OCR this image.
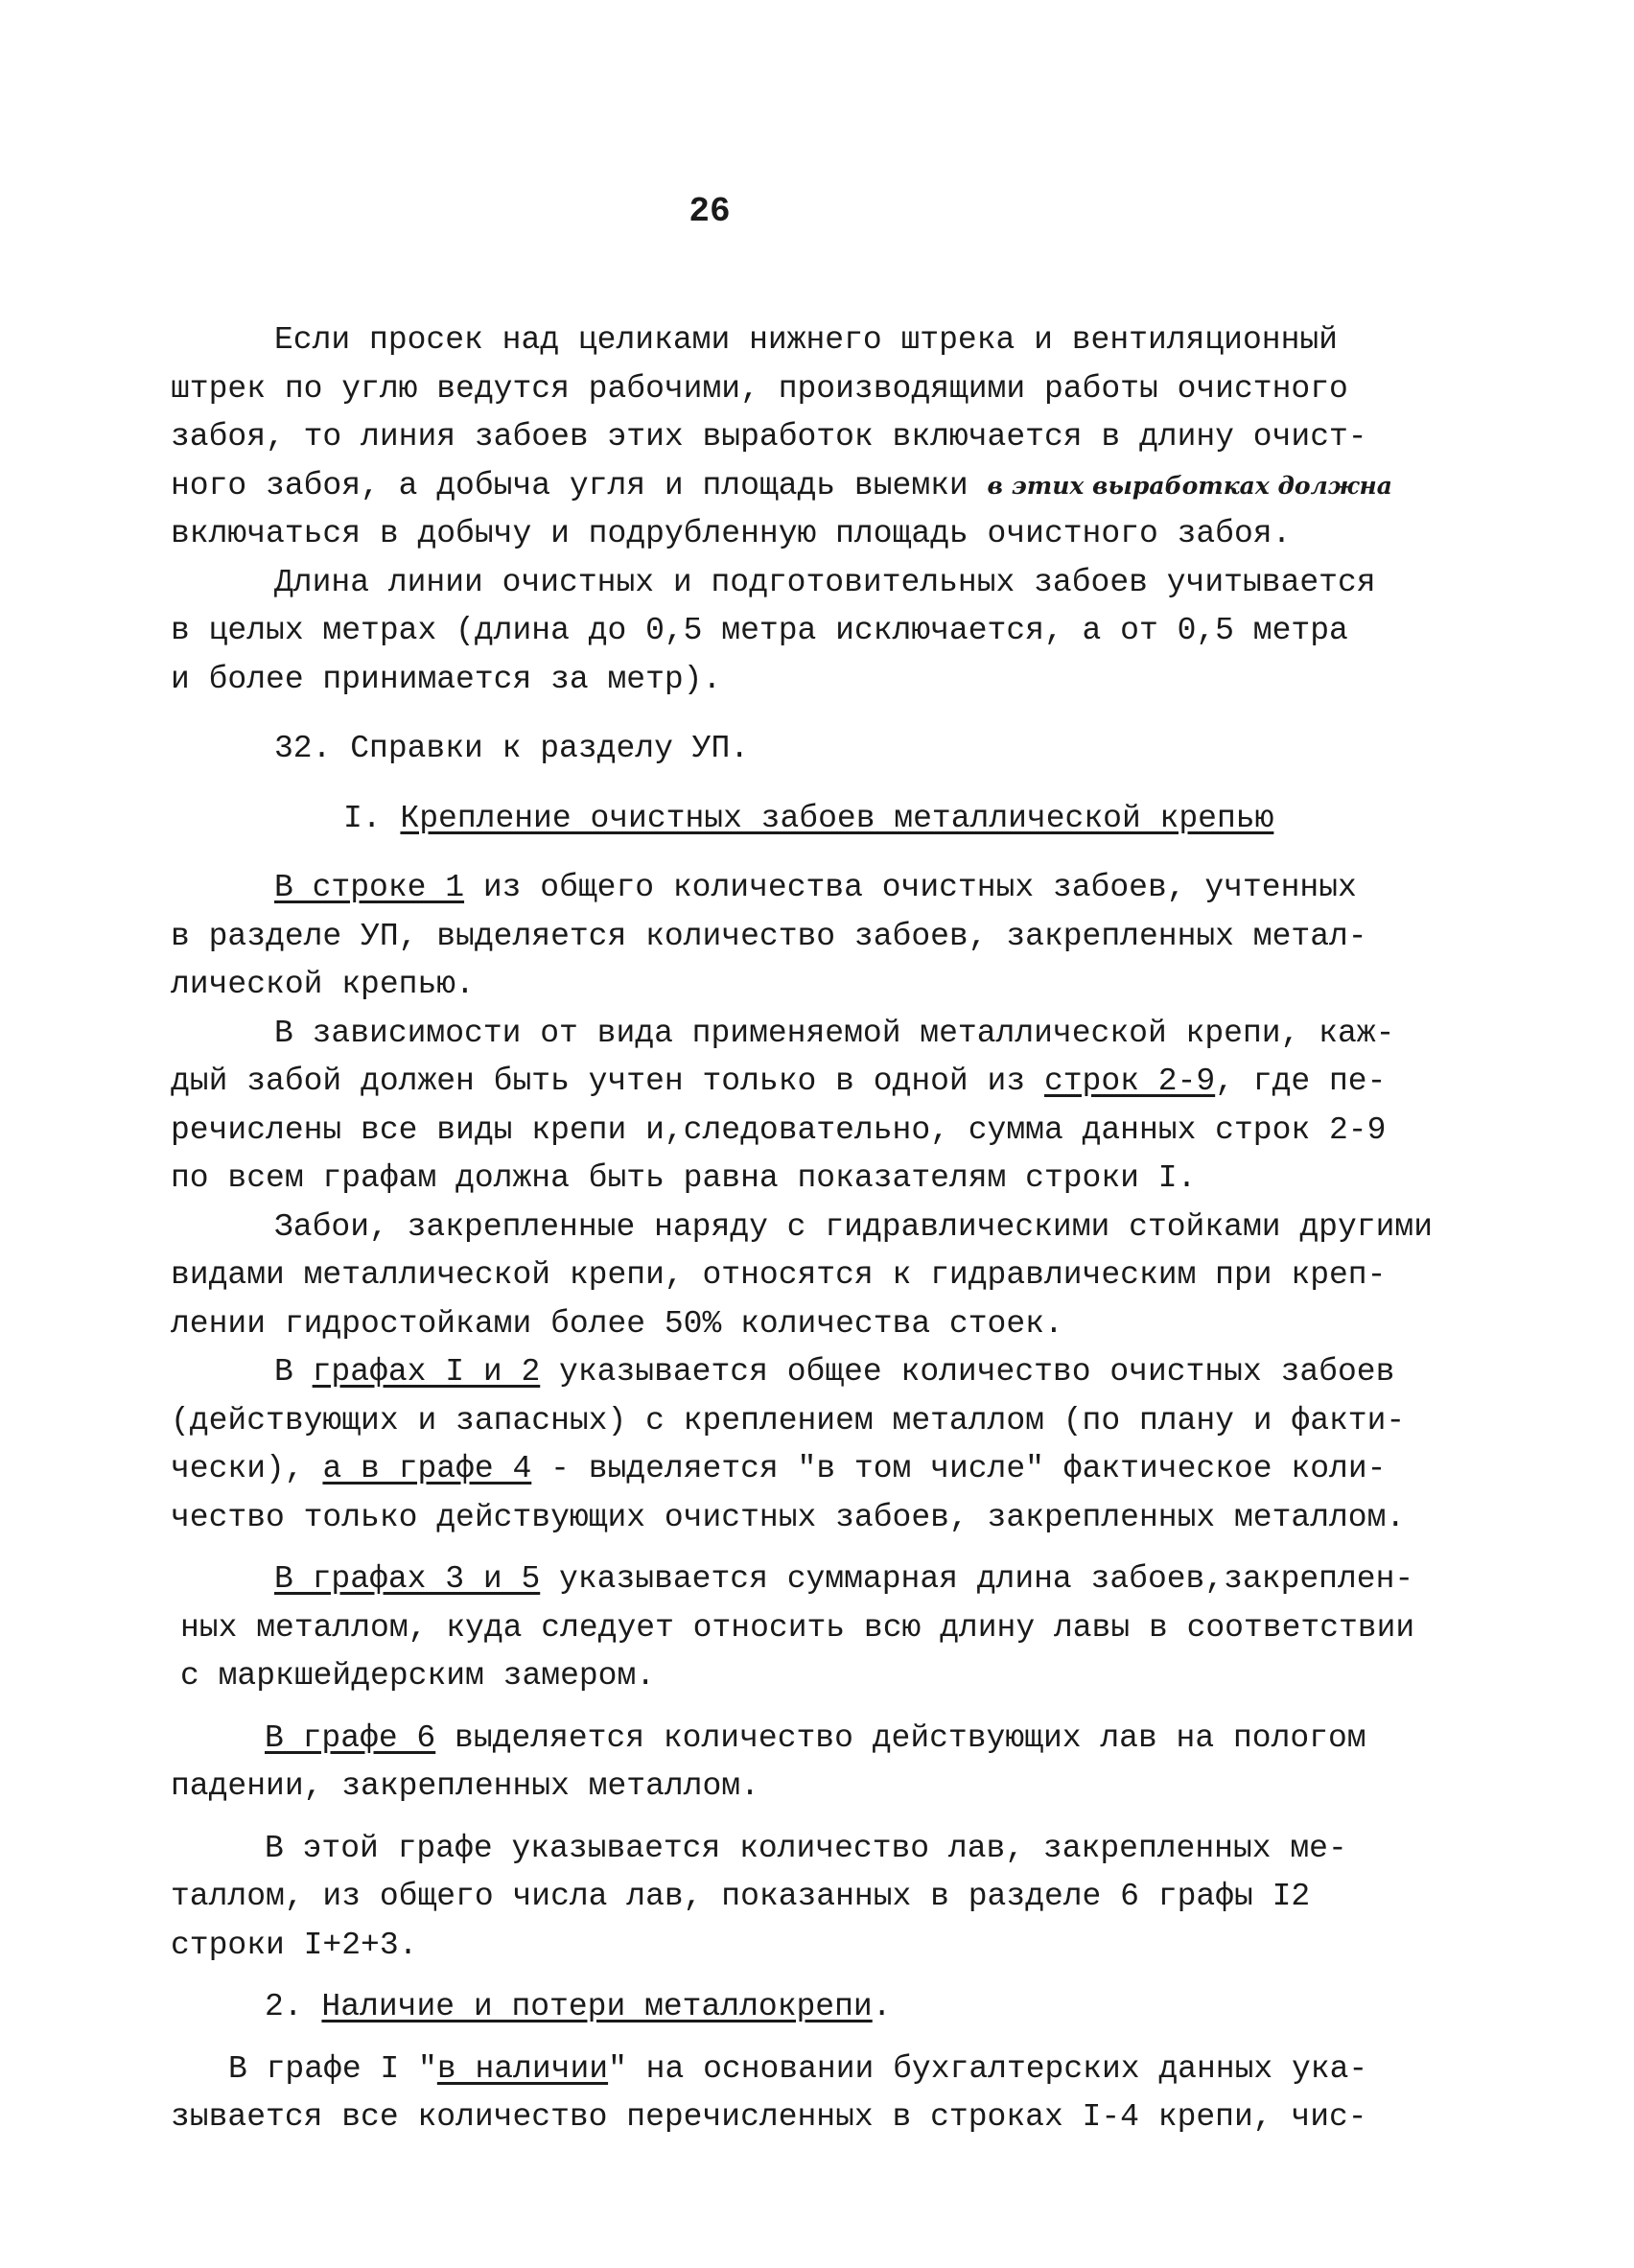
26
Если просек над целиками нижнего штрека и вентиляционный
штрек по углю ведутся рабочими, производящими работы очистного
забоя, то линия забоев этих выработок включается в длину очист-
ного забоя, а добыча угля и площадь выемки в этих выработках должна
включаться в добычу и подрубленную площадь очистного забоя.
Длина линии очистных и подготовительных забоев учитывается
в целых метрах (длина до 0,5 метра исключается, а от 0,5 метра
и более принимается за метр).
32. Справки к разделу УП.
I. Крепление очистных забоев металлической крепью
В строке 1 из общего количества очистных забоев, учтенных
в разделе УП, выделяется количество забоев, закрепленных метал-
лической крепью.
В зависимости от вида применяемой металлической крепи, каж-
дый забой должен быть учтен только в одной из строк 2-9, где пе-
речислены все виды крепи и,следовательно, сумма данных строк 2-9
по всем графам должна быть равна показателям строки I.
Забои, закрепленные наряду с гидравлическими стойками другими
видами металлической крепи, относятся к гидравлическим при креп-
лении гидростойками более 50% количества стоек.
В графах I и 2 указывается общее количество очистных забоев
(действующих и запасных) с креплением металлом (по плану и факти-
чески), а в графе 4 - выделяется "в том числе" фактическое коли-
чество только действующих очистных забоев, закрепленных металлом.
В графах 3 и 5 указывается суммарная длина забоев,закреплен-
ных металлом, куда следует относить всю длину лавы в соответствии
с маркшейдерским замером.
В графе 6 выделяется количество действующих лав на пологом
падении, закрепленных металлом.
В этой графе указывается количество лав, закрепленных ме-
таллом, из общего числа лав, показанных в разделе 6 графы I2
строки I+2+3.
2. Наличие и потери металлокрепи.
В графе I "в наличии" на основании бухгалтерских данных ука-
зывается все количество перечисленных в строках I-4 крепи, чис-
